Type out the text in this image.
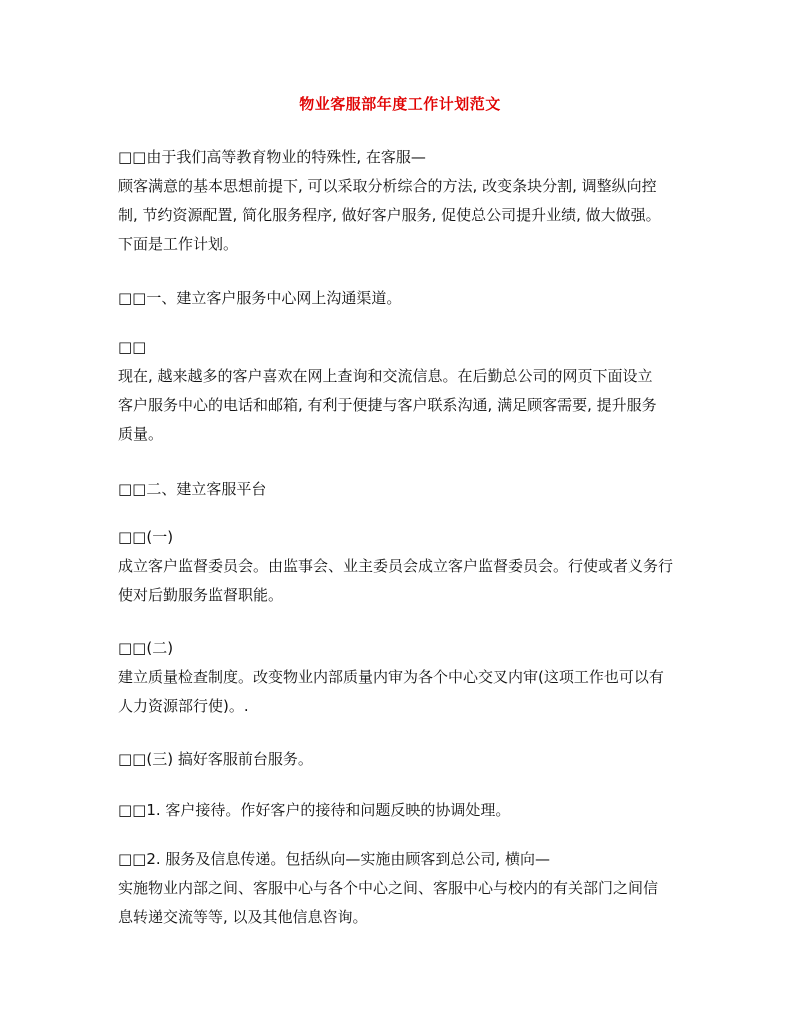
物业客服部年度工作计划范文
□□由于我们高等教育物业的特殊性, 在客服—
顾客满意的基本思想前提下, 可以采取分析综合的方法, 改变条块分割, 调整纵向控
制, 节约资源配置, 简化服务程序, 做好客户服务, 促使总公司提升业绩, 做大做强。
下面是工作计划。
□□一、建立客户服务中心网上沟通渠道。
□□
现在, 越来越多的客户喜欢在网上查询和交流信息。在后勤总公司的网页下面设立
客户服务中心的电话和邮箱, 有利于便捷与客户联系沟通, 满足顾客需要, 提升服务
质量。
□□二、建立客服平台
□□(一)
成立客户监督委员会。由监事会、业主委员会成立客户监督委员会。行使或者义务行
使对后勤服务监督职能。
□□(二)
建立质量检查制度。改变物业内部质量内审为各个中心交叉内审(这项工作也可以有
人力资源部行使)。.
□□(三) 搞好客服前台服务。
□□1. 客户接待。作好客户的接待和问题反映的协调处理。
□□2. 服务及信息传递。包括纵向—实施由顾客到总公司, 横向—
实施物业内部之间、客服中心与各个中心之间、客服中心与校内的有关部门之间信
息转递交流等等, 以及其他信息咨询。
